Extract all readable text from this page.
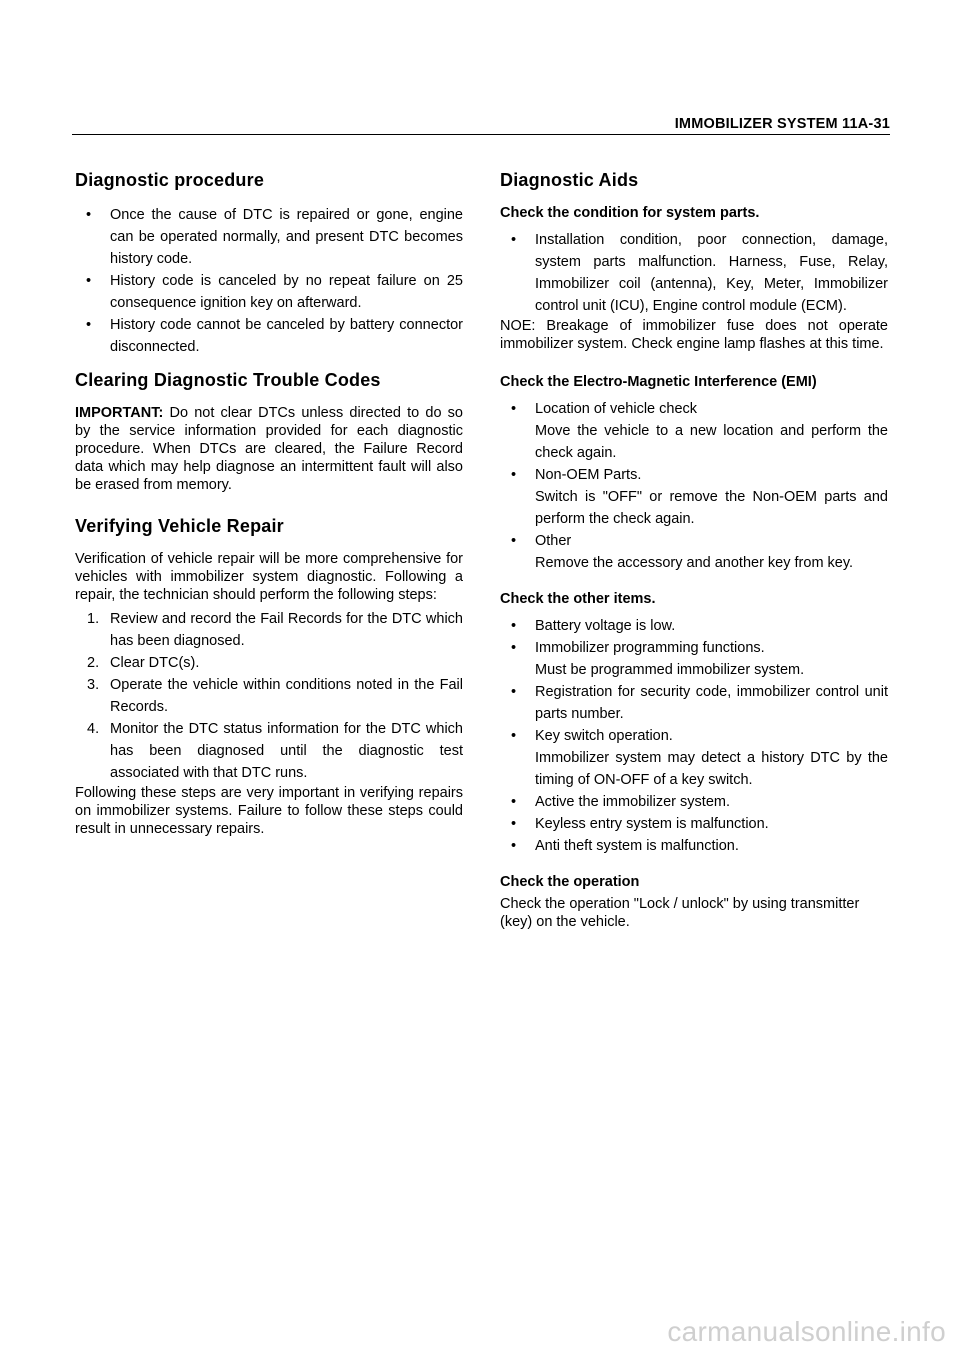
IMMOBILIZER SYSTEM 11A-31
Diagnostic procedure
• Once the cause of DTC is repaired or gone, engine can be operated normally, and present DTC becomes history code.
• History code is canceled by no repeat failure on 25 consequence ignition key on afterward.
• History code cannot be canceled by battery connector disconnected.
Clearing Diagnostic Trouble Codes

IMPORTANT: Do not clear DTCs unless directed to do so by the service information provided for each diagnostic procedure. When DTCs are cleared, the Failure Record data which may help diagnose an intermittent fault will also be erased from memory.

Verifying Vehicle Repair

Verification of vehicle repair will be more comprehensive for vehicles with immobilizer system diagnostic. Following a repair, the technician should perform the following steps:

1. Review and record the Fail Records for the DTC which has been diagnosed.
2. Clear DTC(s).
3. Operate the vehicle within conditions noted in the Fail Records.
4. Monitor the DTC status information for the DTC which has been diagnosed until the diagnostic test associated with that DTC runs.

Following these steps are very important in verifying repairs on immobilizer systems. Failure to follow these steps could result in unnecessary repairs.

Diagnostic Aids
Check the condition for system parts.
• Installation condition, poor connection, damage, system parts malfunction. Harness, Fuse, Relay, Immobilizer coil (antenna), Key, Meter, Immobilizer control unit (ICU), Engine control module (ECM).

NOE: Breakage of immobilizer fuse does not operate immobilizer system. Check engine lamp flashes at this time.

Check the Electro-Magnetic Interference (EMI)
• Location of vehicle check
Move the vehicle to a new location and perform the check again.
• Non-OEM Parts.
Switch is "OFF" or remove the Non-OEM parts and perform the check again.
• Other
Remove the accessory and another key from key.
Check the other items.
• Battery voltage is low.
• Immobilizer programming functions.
Must be programmed immobilizer system.
• Registration for security code, immobilizer control unit parts number.
• Key switch operation.
Immobilizer system may detect a history DTC by the timing of ON-OFF of a key switch.
• Active the immobilizer system.
• Keyless entry system is malfunction.
• Anti theft system is malfunction.
Check the operation

Check the operation "Lock / unlock" by using transmitter (key) on the vehicle.

carmanualsonline.info
